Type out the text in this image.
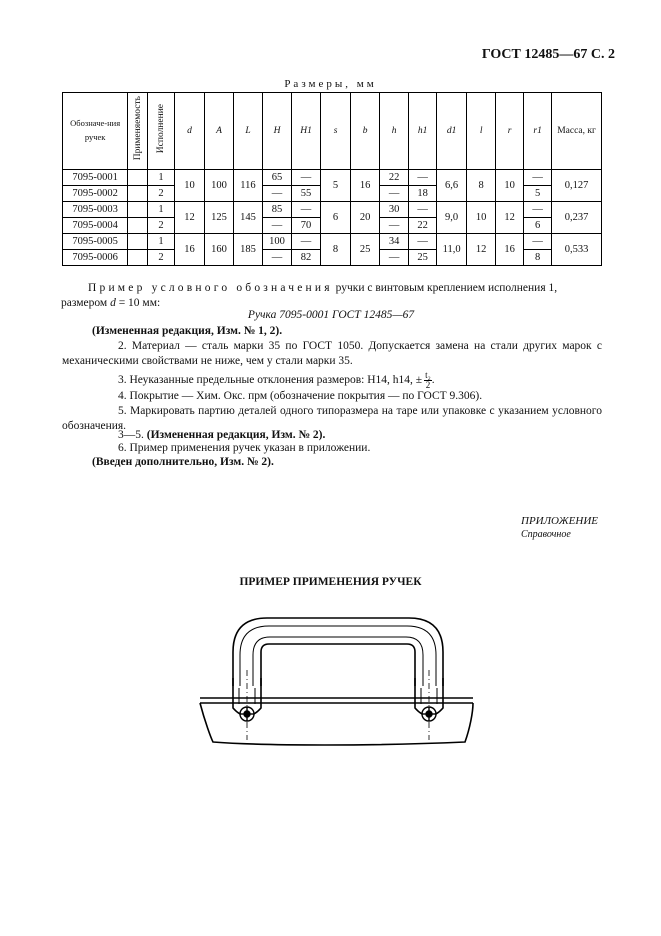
ГОСТ 12485—67 С. 2
Размеры, мм
Обозначе-ния ручек	Применяемость	Исполнение	d	A	L	H	H1	s	b	h	h1	d1	l	r	r1	Масса, кг
7095-0001		1	10	100	116	65	—	5	16	22	—	6,6	8	10	—	0,127
7095-0002		2				—	55			—	18				5	
7095-0003		1	12	125	145	85	—	6	20	30	—	9,0	10	12	—	0,237
7095-0004		2				—	70			—	22				6	
7095-0005		1	16	160	185	100	—	8	25	34	—	11,0	12	16	—	0,533
7095-0006		2				—	82			—	25				8	
Пример условного обозначения ручки с винтовым креплением исполнения 1,
размером d = 10 мм:
Ручка 7095-0001 ГОСТ 12485—67
(Измененная редакция, Изм. № 1, 2).
2. Материал — сталь марки 35 по ГОСТ 1050. Допускается замена на стали других марок с механическими свойствами не ниже, чем у стали марки 35.
3. Неуказанные предельные отклонения размеров: H14, h14, ± $\frac{\text{t₂}}{2}$ .
4. Покрытие — Хим. Окс. прм (обозначение покрытия — по ГОСТ 9.306).
5. Маркировать партию деталей одного типоразмера на таре или упаковке с указанием условного обозначения.
3—5. (Измененная редакция, Изм. № 2).
6. Пример применения ручек указан в приложении.
(Введен дополнительно, Изм. № 2).
ПРИЛОЖЕНИЕ
Справочное
ПРИМЕР ПРИМЕНЕНИЯ РУЧЕК
